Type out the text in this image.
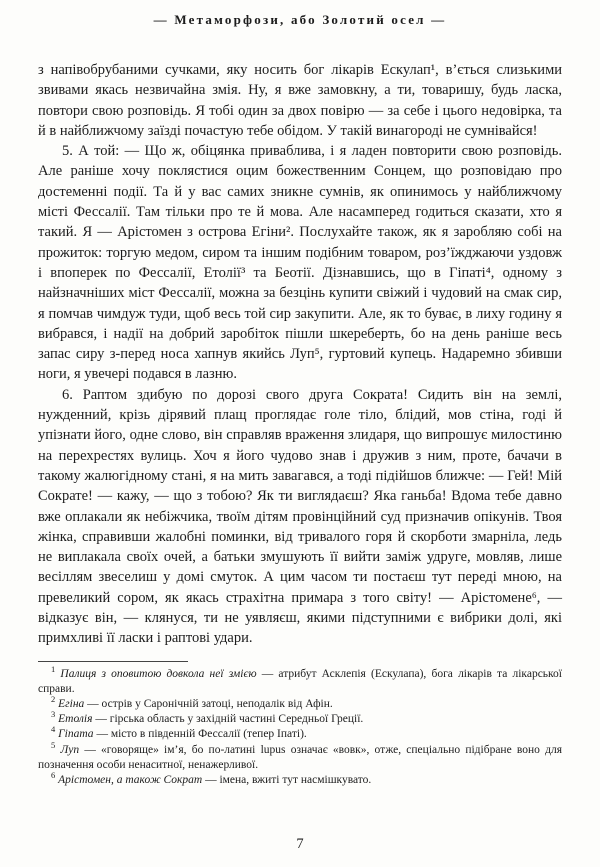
— Метаморфози, або Золотий осел —

з напівобрубаними сучками, яку носить бог лікарів Ескулап¹, в’ється слизькими звивами якась незвичайна змія. Ну, я вже замовкну, а ти, товаришу, будь ласка, повтори свою розповідь. Я тобі один за двох повірю — за себе і цього недовірка, та й в найближчому заїзді почастую тебе обідом. У такій винагороді не сумнівайся!

5. А той: — Що ж, обіцянка приваблива, і я ладен повторити свою розповідь. Але раніше хочу поклястися оцим божественним Сонцем, що розповідаю про достеменні події. Та й у вас самих зникне сумнів, як опинимось у найближчому місті Фессалії. Там тільки про те й мова. Але насамперед годиться сказати, хто я такий. Я — Арістомен з острова Егіни². Послухайте також, як я заробляю собі на прожиток: торгую медом, сиром та іншим подібним товаром, роз’їжджаючи уздовж і впоперек по Фессалії, Етолії³ та Беотії. Дізнавшись, що в Гіпаті⁴, одному з найзначніших міст Фессалії, можна за безцінь купити свіжий і чудовий на смак сир, я помчав чимдуж туди, щоб весь той сир закупити. Але, як то буває, в лиху годину я вибрався, і надії на добрий заробіток пішли шкереберть, бо на день раніше весь запас сиру з-перед носа хапнув якийсь Луп⁵, гуртовий купець. Надаремно збивши ноги, я увечері подався в лазню.

6. Раптом здибую по дорозі свого друга Сократа! Сидить він на землі, нужденний, крізь дірявий плащ проглядає голе тіло, блідий, мов стіна, годі й упізнати його, одне слово, він справляв враження злидаря, що випрошує милостиню на перехрестях вулиць. Хоч я його чудово знав і дружив з ним, проте, бачачи в такому жалюгідному стані, я на мить завагався, а тоді підійшов ближче: — Гей! Мій Сократе! — кажу, — що з тобою? Як ти виглядаєш? Яка ганьба! Вдома тебе давно вже оплакали як небіжчика, твоїм дітям провінційний суд призначив опікунів. Твоя жінка, справивши жалобні поминки, від тривалого горя й скорботи змарніла, ледь не виплакала своїх очей, а батьки змушують її вийти заміж удруге, мовляв, лише весіллям звеселиш у домі смуток. А цим часом ти постаєш тут переді мною, на превеликий сором, як якась страхітна примара з того світу! — Арістомене⁶, — відказує він, — клянуся, ти не уявляєш, якими підступними є вибрики долі, які примхливі її ласки і раптові удари.

$^1$ Палиця з оповитою довкола неї змією — атрибут Асклепія (Ескулапа), бога лікарів та лікарської справи.

$^2$ Егіна — острів у Саронічній затоці, неподалік від Афін.

$^3$ Етолія — гірська область у західній частині Середньої Греції.

$^4$ Гіпата — місто в південній Фессалії (тепер Іпаті).

$^5$ Луп — «говоряще» ім’я, бо по-латині lupus означає «вовк», отже, спеціально підібране воно для позначення особи ненаситної, ненажерливої.

$^6$ Арістомен, а також Сократ — імена, вжиті тут насмішкувато.

7
